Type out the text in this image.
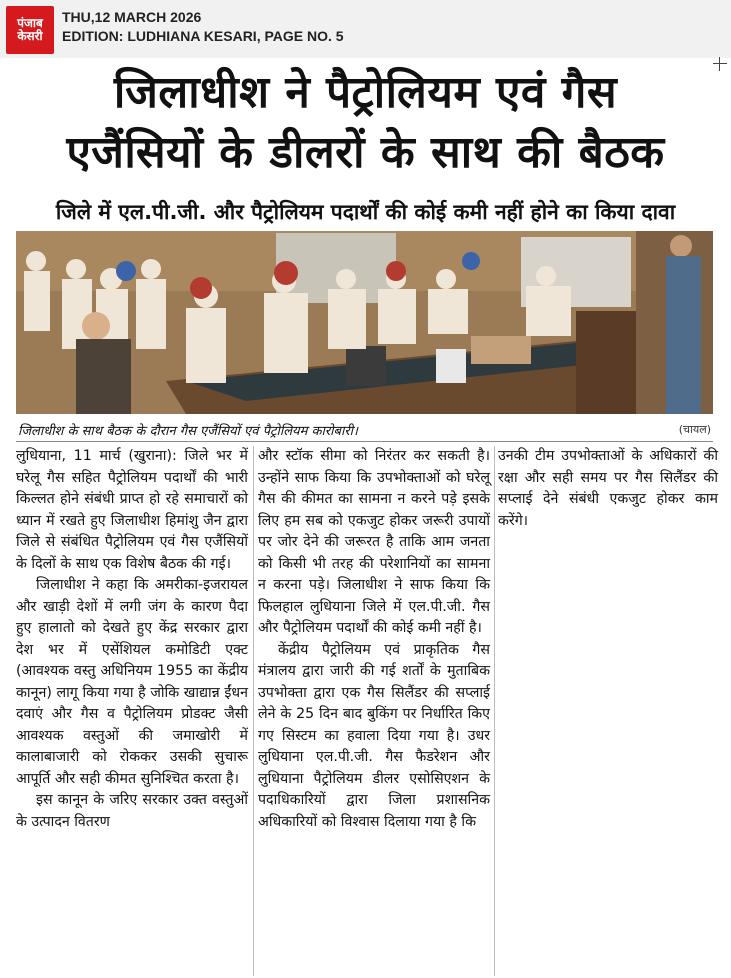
पंजाब
केसरी
THU,12 MARCH 2026
EDITION: LUDHIANA KESARI, PAGE NO. 5
जिलाधीश ने पैट्रोलियम एवं गैस
एजैंसियों के डीलरों के साथ की बैठक
जिले में एल.पी.जी. और पैट्रोलियम पदार्थों की कोई कमी नहीं होने का किया दावा
जिलाधीश के साथ बैठक के दौरान गैस एजैंसियों एवं पैट्रोलियम कारोबारी।	(चायल)

लुधियाना, 11 मार्च (खुराना): जिले भर में घरेलू गैस सहित पैट्रोलियम पदार्थों की भारी किल्लत होने संबंधी प्राप्त हो रहे समाचारों को ध्यान में रखते हुए जिलाधीश हिमांशु जैन द्वारा जिले से संबंधित पैट्रोलियम एवं गैस एजैंसियों के दिलों के साथ एक विशेष बैठक की गई।

जिलाधीश ने कहा कि अमरीका-इजरायल और खाड़ी देशों में लगी जंग के कारण पैदा हुए हालातो को देखते हुए केंद्र सरकार द्वारा देश भर में एसेंशियल कमोडिटी एक्ट (आवश्यक वस्तु अधिनियम 1955 का केंद्रीय कानून) लागू किया गया है जोकि खाद्यान्न ईंधन दवाएं और गैस व पैट्रोलियम प्रोडक्ट जैसी आवश्यक वस्तुओं की जमाखोरी में कालाबाजारी को रोककर उसकी सुचारू आपूर्ति और सही कीमत सुनिश्चित करता है।

इस कानून के जरिए सरकार उक्त वस्तुओं के उत्पादन वितरण

और स्टॉक सीमा को निरंतर कर सकती है। उन्होंने साफ किया कि उपभोक्ताओं को घरेलू गैस की कीमत का सामना न करने पड़े इसके लिए हम सब को एकजुट होकर जरूरी उपायों पर जोर देने की जरूरत है ताकि आम जनता को किसी भी तरह की परेशानियों का सामना न करना पड़े। जिलाधीश ने साफ किया कि फिलहाल लुधियाना जिले में एल.पी.जी. गैस और पैट्रोलियम पदार्थों की कोई कमी नहीं है।

केंद्रीय पैट्रोलियम एवं प्राकृतिक गैस मंत्रालय द्वारा जारी की गई शर्तों के मुताबिक उपभोक्ता द्वारा एक गैस सिलैंडर की सप्लाई लेने के 25 दिन बाद बुकिंग पर निर्धारित किए गए सिस्टम का हवाला दिया गया है। उधर लुधियाना एल.पी.जी. गैस फैडरेशन और लुधियाना पैट्रोलियम डीलर एसोसिएशन के पदाधिकारियों द्वारा जिला प्रशासनिक अधिकारियों को विश्वास दिलाया गया है कि

उनकी टीम उपभोक्ताओं के अधिकारों की रक्षा और सही समय पर गैस सिलैंडर की सप्लाई देने संबंधी एकजुट होकर काम करेंगे।
